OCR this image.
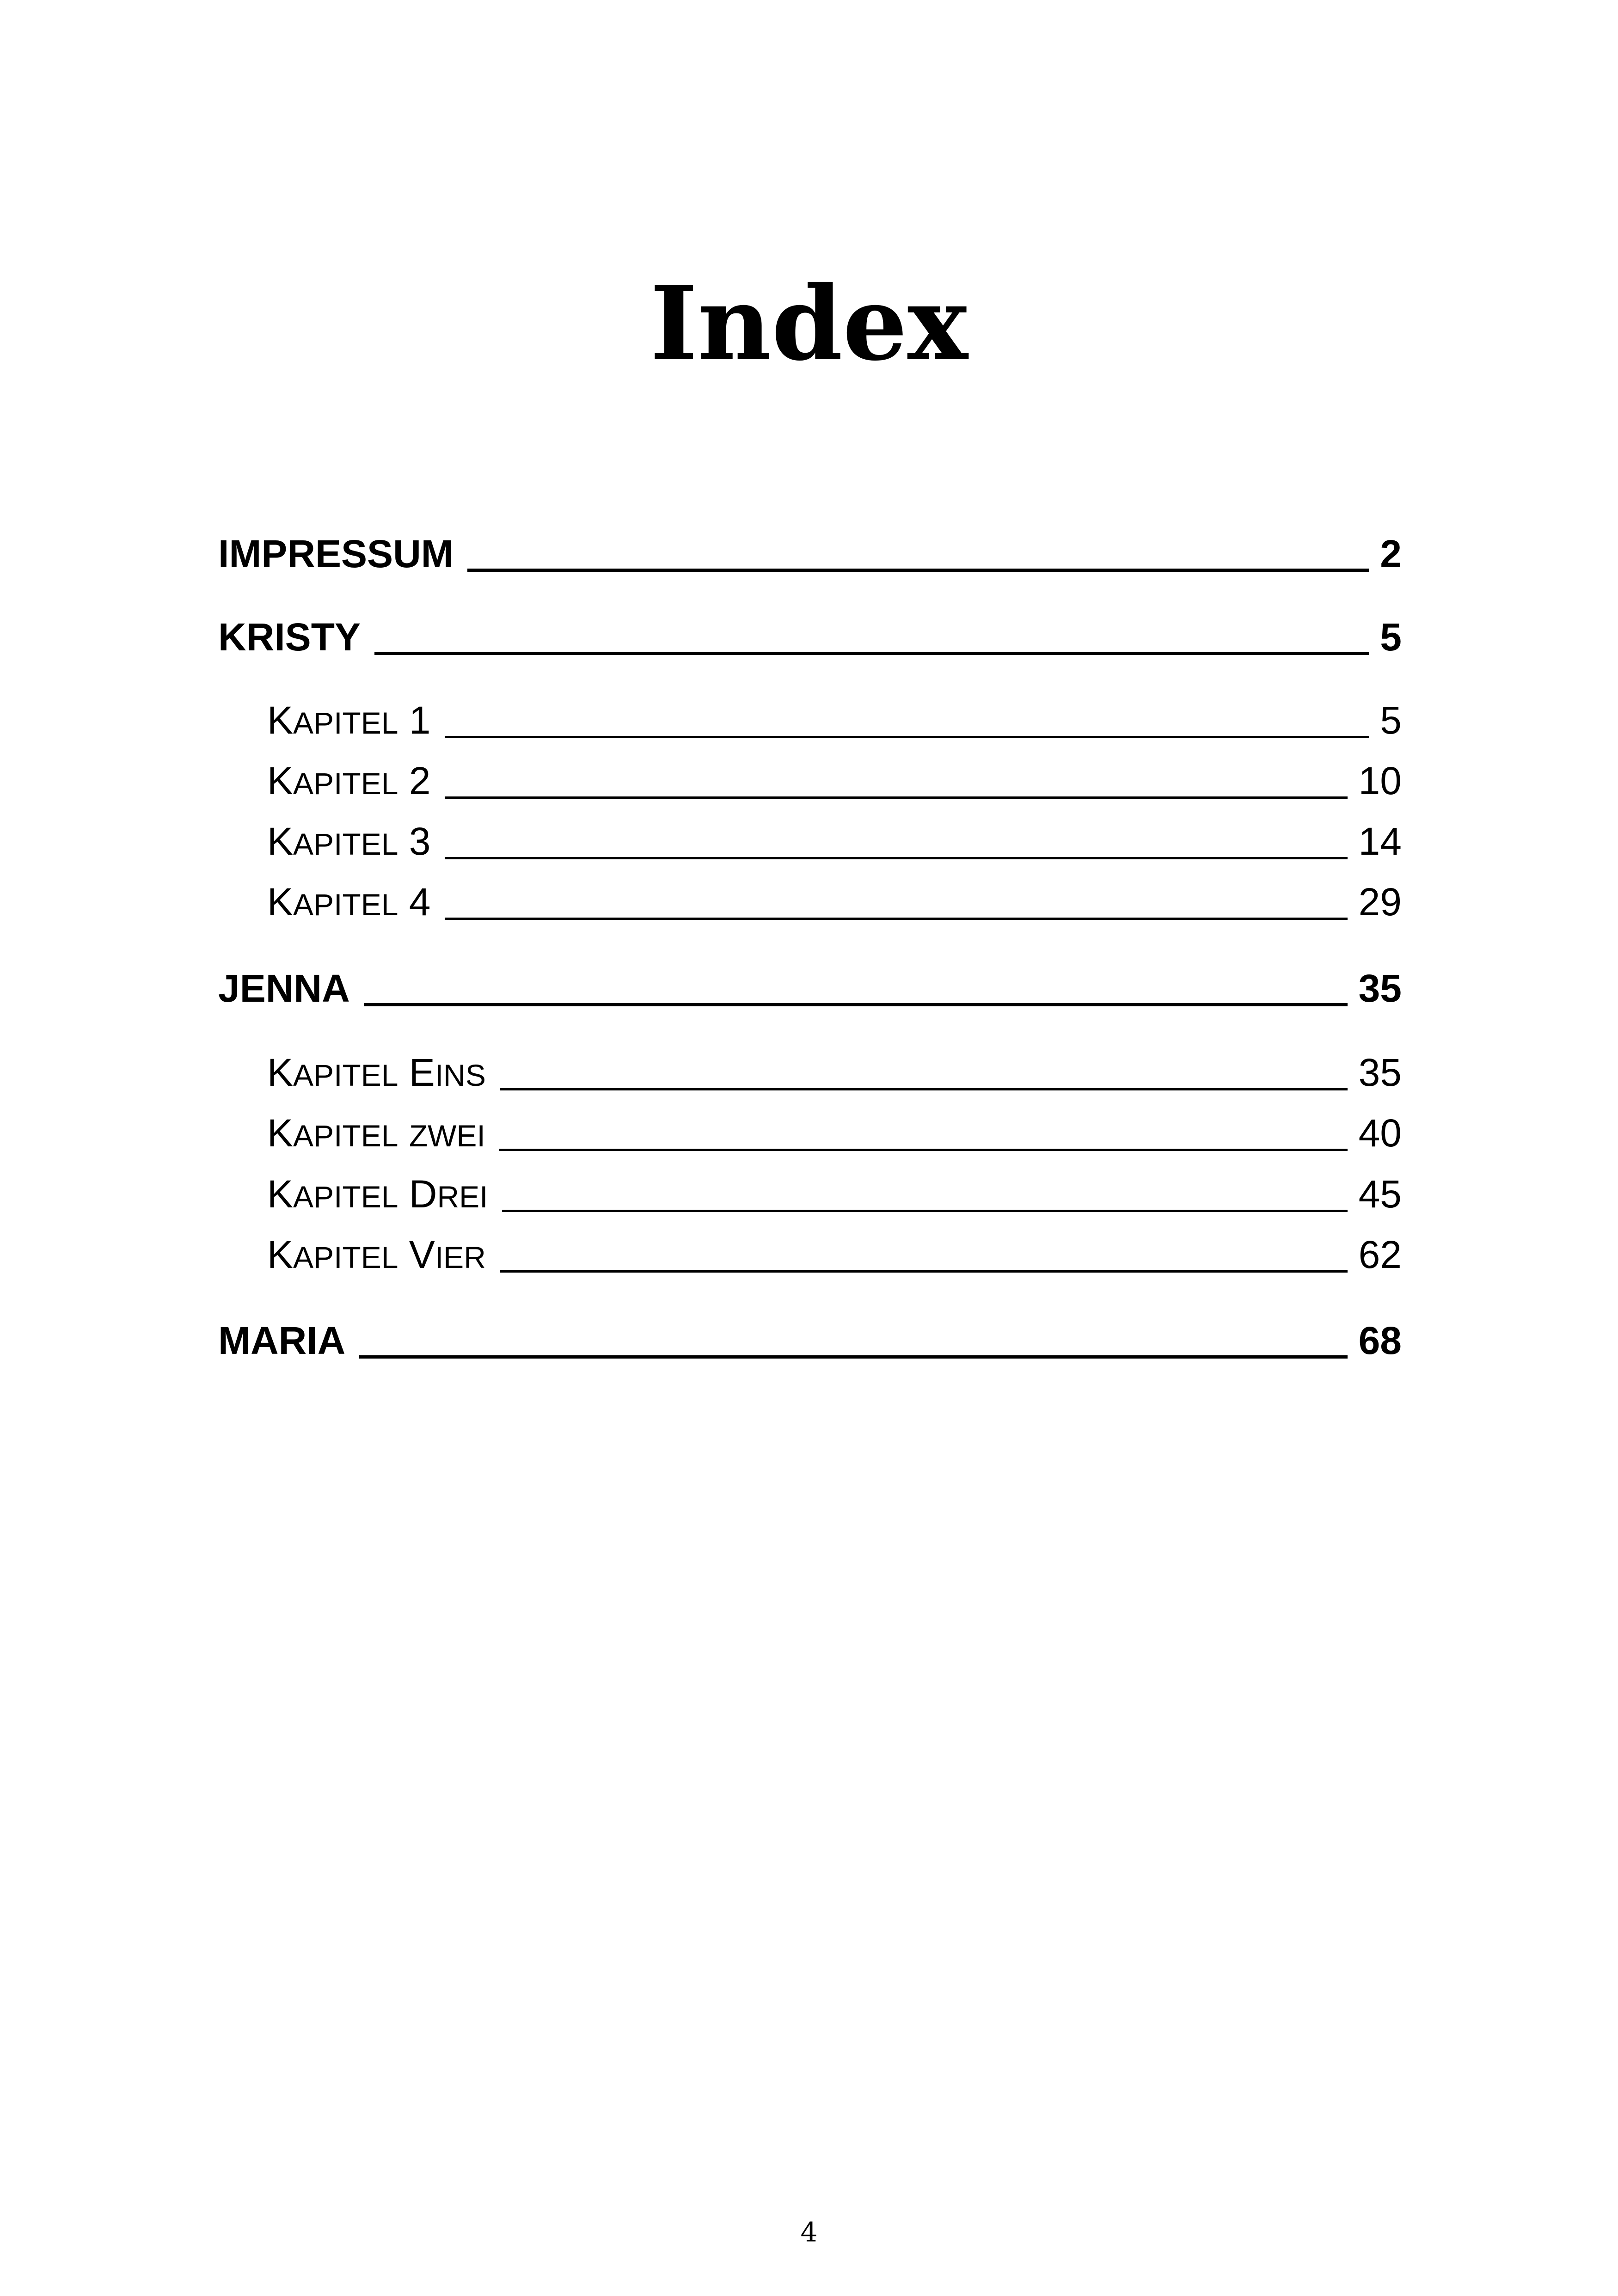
Index
IMPRESSUM	2
KRISTY	5
KAPITEL 1	5
KAPITEL 2	10
KAPITEL 3	14
KAPITEL 4	29
JENNA	35
KAPITEL EINS	35
KAPITEL ZWEI	40
KAPITEL DREI	45
KAPITEL VIER	62
MARIA	68

4
